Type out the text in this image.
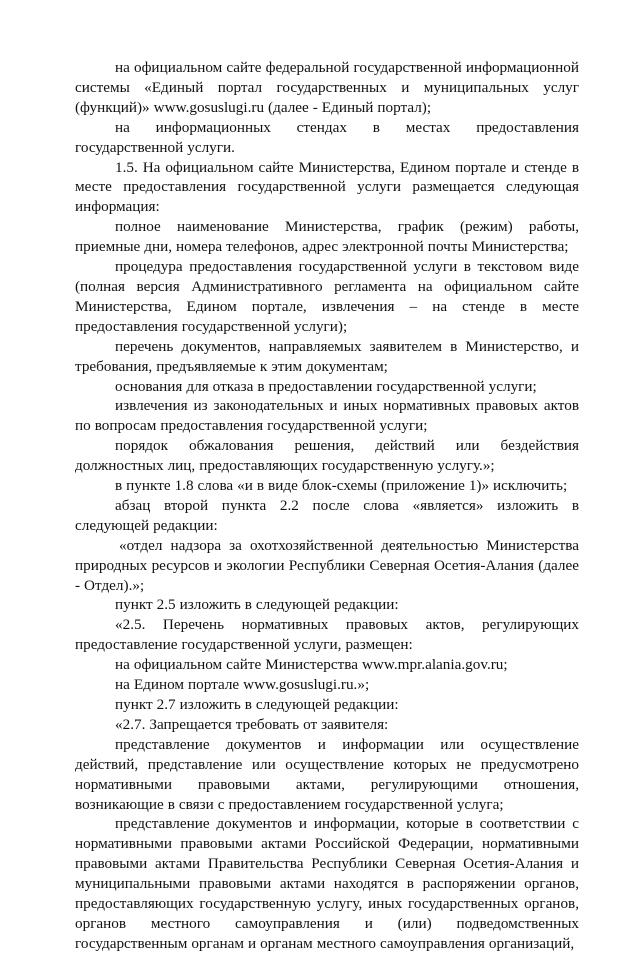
на официальном сайте федеральной государственной информационной системы «Единый портал государственных и муниципальных услуг (функций)» www.gosuslugi.ru (далее - Единый портал);

на информационных стендах в местах предоставления государственной услуги.

1.5. На официальном сайте Министерства, Едином портале и стенде в месте предоставления государственной услуги размещается следующая информация:

полное наименование Министерства, график (режим) работы, приемные дни, номера телефонов, адрес электронной почты Министерства;

процедура предоставления государственной услуги в текстовом виде (полная версия Административного регламента на официальном сайте Министерства, Едином портале, извлечения – на стенде в месте предоставления государственной услуги);

перечень документов, направляемых заявителем в Министерство, и требования, предъявляемые к этим документам;

основания для отказа в предоставлении государственной услуги;

извлечения из законодательных и иных нормативных правовых актов по вопросам предоставления государственной услуги;

порядок обжалования решения, действий или бездействия должностных лиц, предоставляющих государственную услугу.»;

в пункте 1.8 слова «и в виде блок-схемы (приложение 1)» исключить;

абзац второй пункта 2.2 после слова «является» изложить в следующей редакции:

«отдел надзора за охотхозяйственной деятельностью Министерства природных ресурсов и экологии Республики Северная Осетия-Алания (далее - Отдел).»;

пункт 2.5 изложить в следующей редакции:

«2.5. Перечень нормативных правовых актов, регулирующих предоставление государственной услуги, размещен:

на официальном сайте Министерства www.mpr.alania.gov.ru;

на Едином портале www.gosuslugi.ru.»;

пункт 2.7 изложить в следующей редакции:

«2.7. Запрещается требовать от заявителя:

представление документов и информации или осуществление действий, представление или осуществление которых не предусмотрено нормативными правовыми актами, регулирующими отношения, возникающие в связи с предоставлением государственной услуга;

представление документов и информации, которые в соответствии с нормативными правовыми актами Российской Федерации, нормативными правовыми актами Правительства Республики Северная Осетия-Алания и муниципальными правовыми актами находятся в распоряжении органов, предоставляющих государственную услугу, иных государственных органов, органов местного самоуправления и (или) подведомственных государственным органам и органам местного самоуправления организаций,
